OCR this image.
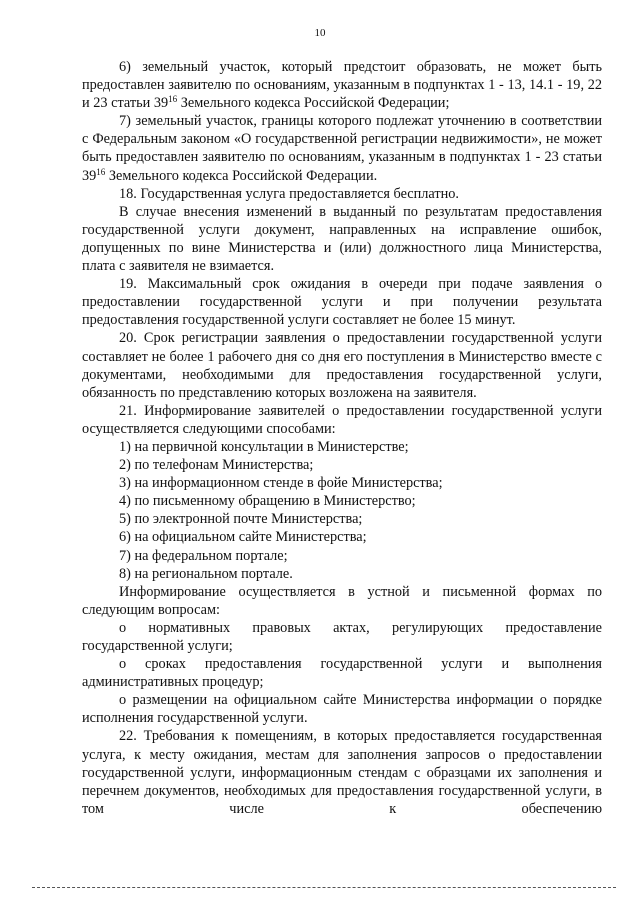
10

6) земельный участок, который предстоит образовать, не может быть предоставлен заявителю по основаниям, указанным в подпунктах 1 - 13, 14.1 - 19, 22 и 23 статьи $39^{16}$ Земельного кодекса Российской Федерации;

7) земельный участок, границы которого подлежат уточнению в соответствии с Федеральным законом «О государственной регистрации недвижимости», не может быть предоставлен заявителю по основаниям, указанным в подпунктах 1 - 23 статьи $39^{16}$ Земельного кодекса Российской Федерации.

18. Государственная услуга предоставляется бесплатно.

В случае внесения изменений в выданный по результатам предоставления государственной услуги документ, направленных на исправление ошибок, допущенных по вине Министерства и (или) должностного лица Министерства, плата с заявителя не взимается.

19. Максимальный срок ожидания в очереди при подаче заявления о предоставлении государственной услуги и при получении результата предоставления государственной услуги составляет не более 15 минут.

20. Срок регистрации заявления о предоставлении государственной услуги составляет не более 1 рабочего дня со дня его поступления в Министерство вместе с документами, необходимыми для предоставления государственной услуги, обязанность по представлению которых возложена на заявителя.

21. Информирование заявителей о предоставлении государственной услуги осуществляется следующими способами:

1) на первичной консультации в Министерстве;

2) по телефонам Министерства;

3) на информационном стенде в фойе Министерства;

4) по письменному обращению в Министерство;

5) по электронной почте Министерства;

6) на официальном сайте Министерства;

7) на федеральном портале;

8) на региональном портале.

Информирование осуществляется в устной и письменной формах по следующим вопросам:

о нормативных правовых актах, регулирующих предоставление государственной услуги;

о сроках предоставления государственной услуги и выполнения административных процедур;

о размещении на официальном сайте Министерства информации о порядке исполнения государственной услуги.

22. Требования к помещениям, в которых предоставляется государственная услуга, к месту ожидания, местам для заполнения запросов о предоставлении государственной услуги, информационным стендам с образцами их заполнения и перечнем документов, необходимых для предоставления государственной услуги, в том числе к обеспечению
